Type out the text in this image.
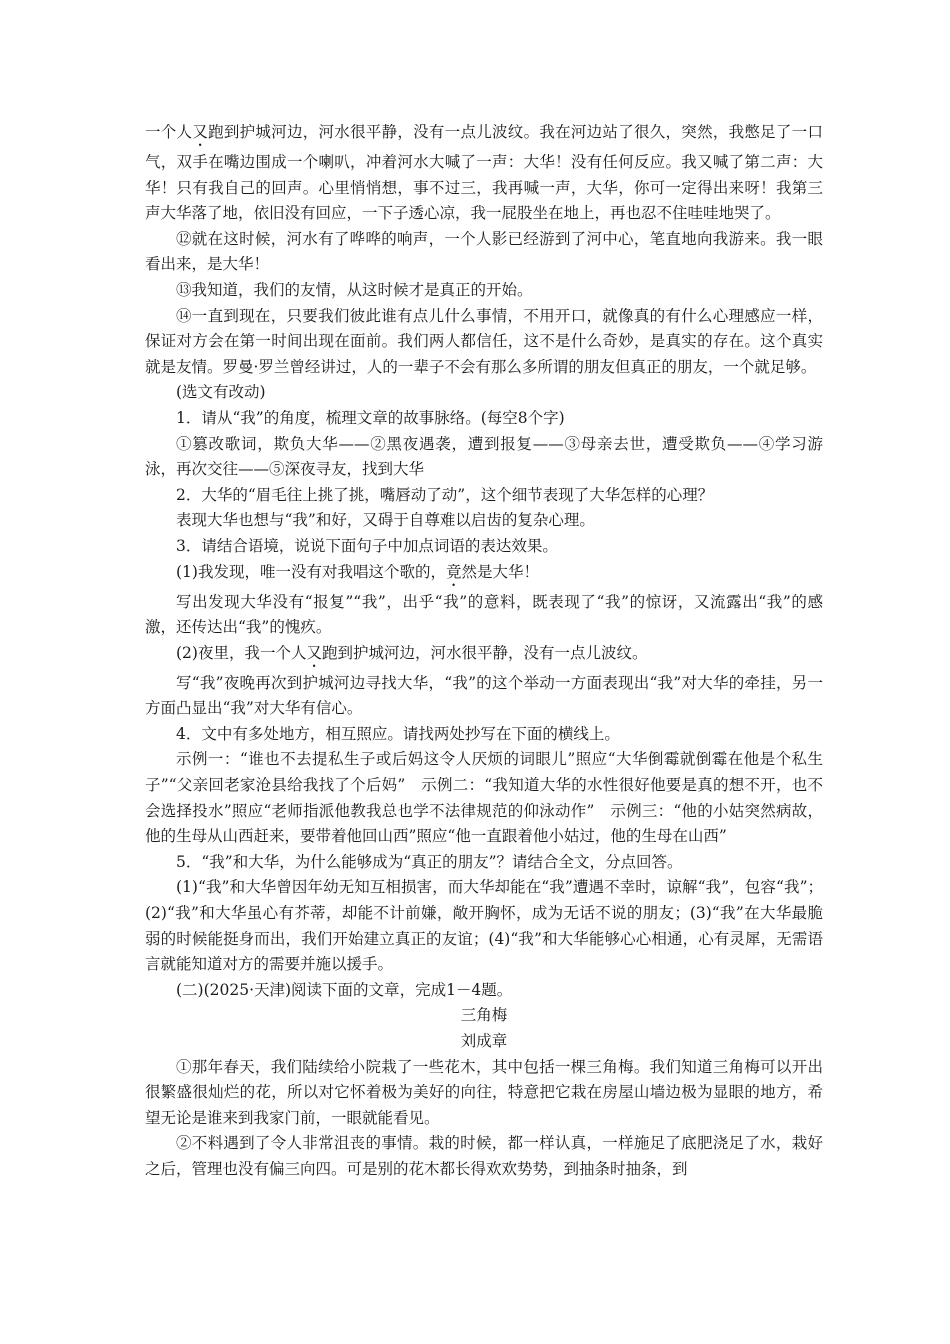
一个人又跑到护城河边，河水很平静，没有一点儿波纹。我在河边站了很久，突然，我憋足了一口气，双手在嘴边围成一个喇叭，冲着河水大喊了一声：大华！没有任何反应。我又喊了第二声：大华！只有我自己的回声。心里悄悄想，事不过三，我再喊一声，大华，你可一定得出来呀！我第三声大华落了地，依旧没有回应，一下子透心凉，我一屁股坐在地上，再也忍不住哇哇地哭了。

⑫就在这时候，河水有了哗哗的响声，一个人影已经游到了河中心，笔直地向我游来。我一眼看出来，是大华！

⑬我知道，我们的友情，从这时候才是真正的开始。

⑭一直到现在，只要我们彼此谁有点儿什么事情，不用开口，就像真的有什么心理感应一样，保证对方会在第一时间出现在面前。我们两人都信任，这不是什么奇妙，是真实的存在。这个真实就是友情。罗曼·罗兰曾经讲过，人的一辈子不会有那么多所谓的朋友但真正的朋友，一个就足够。

(选文有改动)

1．请从“我”的角度，梳理文章的故事脉络。(每空8个字)

①篡改歌词，欺负大华——②黑夜遇袭，遭到报复——③母亲去世，遭受欺负——④学习游泳，再次交往——⑤深夜寻友，找到大华

2．大华的“眉毛往上挑了挑，嘴唇动了动”，这个细节表现了大华怎样的心理？

表现大华也想与“我”和好，又碍于自尊难以启齿的复杂心理。

3．请结合语境，说说下面句子中加点词语的表达效果。

(1)我发现，唯一没有对我唱这个歌的，竟然是大华！

写出发现大华没有“报复”“我”，出乎“我”的意料，既表现了“我”的惊讶，又流露出“我”的感激，还传达出“我”的愧疚。

(2)夜里，我一个人又跑到护城河边，河水很平静，没有一点儿波纹。

写“我”夜晚再次到护城河边寻找大华，“我”的这个举动一方面表现出“我”对大华的牵挂，另一方面凸显出“我”对大华有信心。

4．文中有多处地方，相互照应。请找两处抄写在下面的横线上。

示例一：“谁也不去提私生子或后妈这令人厌烦的词眼儿”照应“大华倒霉就倒霉在他是个私生子”“父亲回老家沧县给我找了个后妈”　示例二：“我知道大华的水性很好他要是真的想不开，也不会选择投水”照应“老师指派他教我总也学不法律规范的仰泳动作”　示例三：“他的小姑突然病故，他的生母从山西赶来，要带着他回山西”照应“他一直跟着他小姑过，他的生母在山西”

5．“我”和大华，为什么能够成为“真正的朋友”？请结合全文，分点回答。

(1)“我”和大华曾因年幼无知互相损害，而大华却能在“我”遭遇不幸时，谅解“我”，包容“我”；(2)“我”和大华虽心有芥蒂，却能不计前嫌，敞开胸怀，成为无话不说的朋友；(3)“我”在大华最脆弱的时候能挺身而出，我们开始建立真正的友谊；(4)“我”和大华能够心心相通，心有灵犀，无需语言就能知道对方的需要并施以援手。

(二)(2025·天津)阅读下面的文章，完成1－4题。

三角梅

刘成章

①那年春天，我们陆续给小院栽了一些花木，其中包括一棵三角梅。我们知道三角梅可以开出很繁盛很灿烂的花，所以对它怀着极为美好的向往，特意把它栽在房屋山墙边极为显眼的地方，希望无论是谁来到我家门前，一眼就能看见。

②不料遇到了令人非常沮丧的事情。栽的时候，都一样认真，一样施足了底肥浇足了水，栽好之后，管理也没有偏三向四。可是别的花木都长得欢欢势势，到抽条时抽条，到
